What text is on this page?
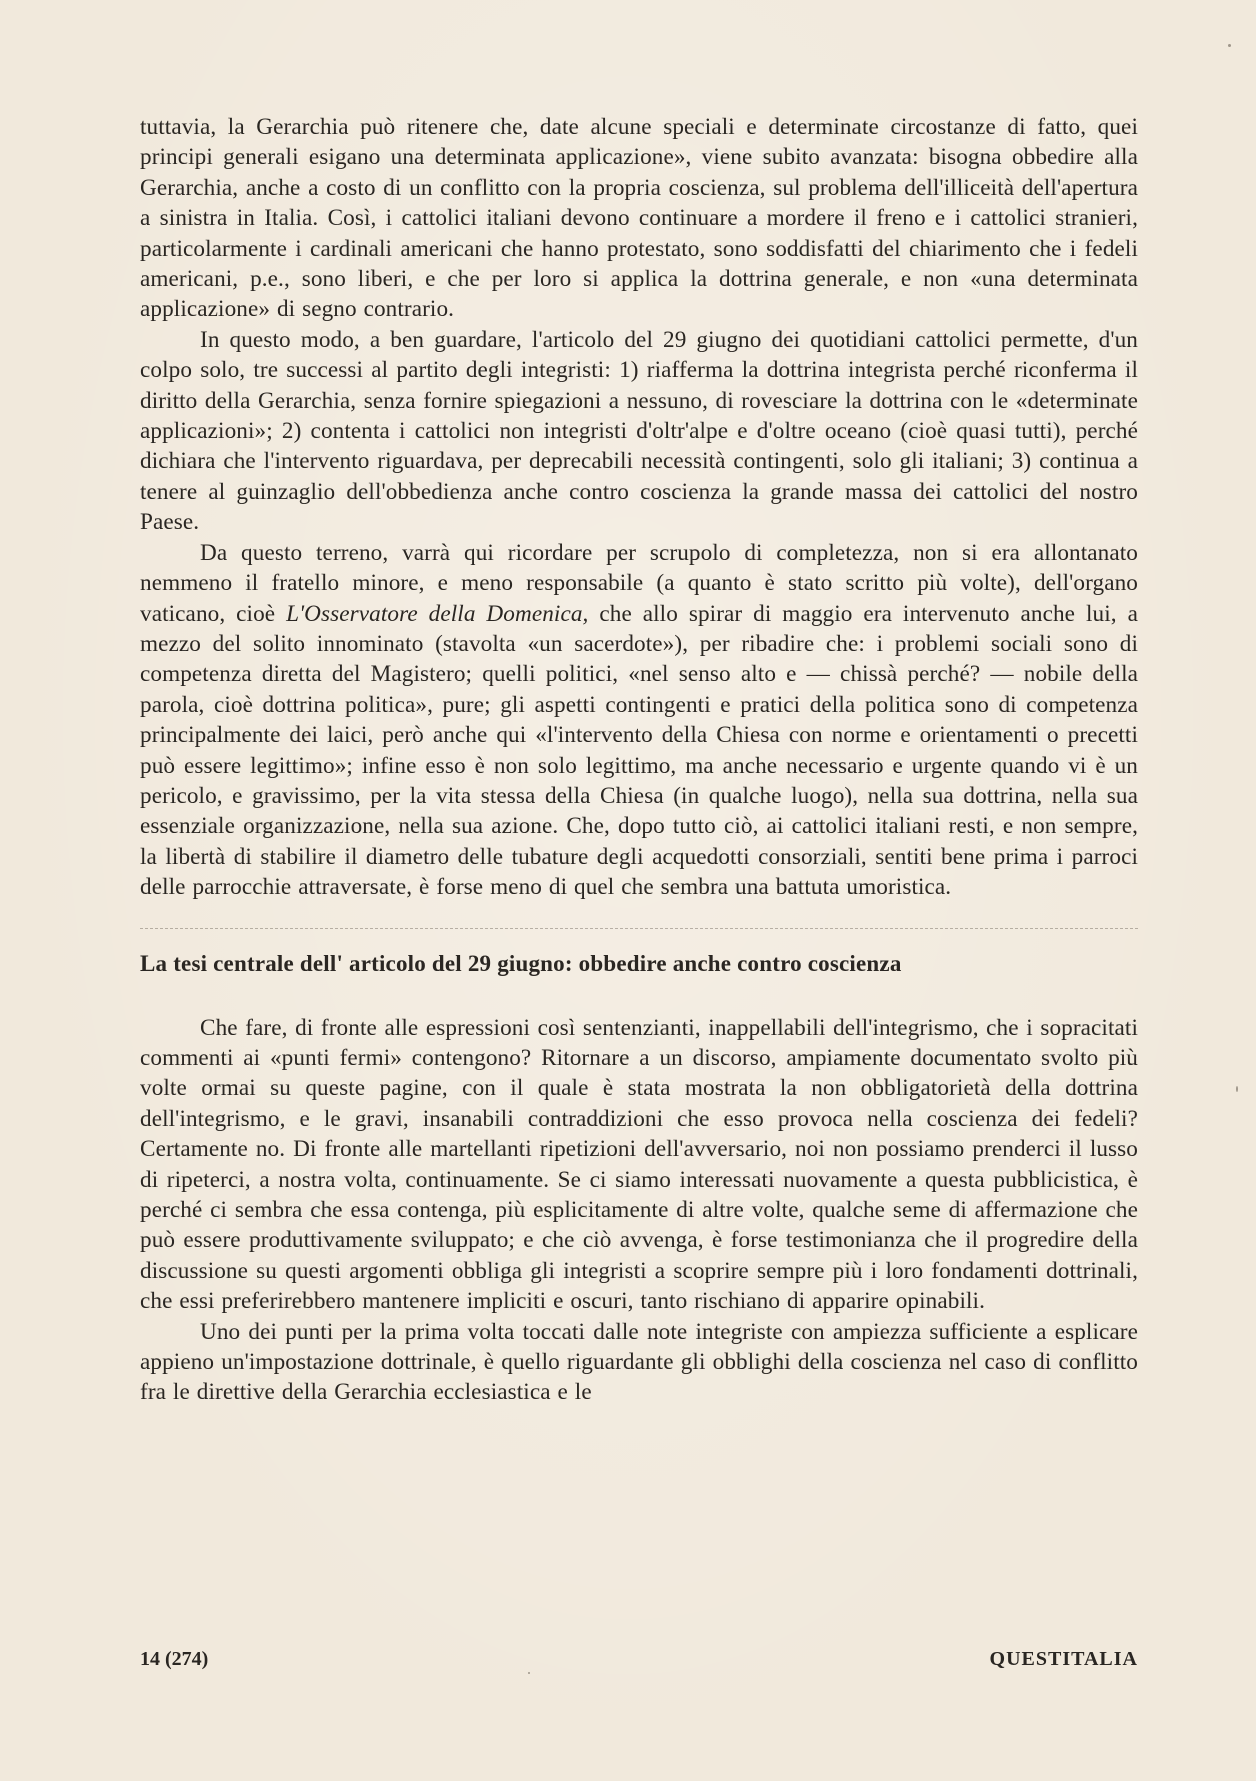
tuttavia, la Gerarchia può ritenere che, date alcune speciali e determinate circostanze di fatto, quei principi generali esigano una determinata applicazione», viene subito avanzata: bisogna obbedire alla Gerarchia, anche a costo di un conflitto con la propria coscienza, sul problema dell'illiceità dell'apertura a sinistra in Italia. Così, i cattolici italiani devono continuare a mordere il freno e i cattolici stranieri, particolarmente i cardinali americani che hanno protestato, sono soddisfatti del chiarimento che i fedeli americani, p.e., sono liberi, e che per loro si applica la dottrina generale, e non «una determinata applicazione» di segno contrario.

In questo modo, a ben guardare, l'articolo del 29 giugno dei quotidiani cattolici permette, d'un colpo solo, tre successi al partito degli integristi: 1) riafferma la dottrina integrista perché riconferma il diritto della Gerarchia, senza fornire spiegazioni a nessuno, di rovesciare la dottrina con le «determinate applicazioni»; 2) contenta i cattolici non integristi d'oltr'alpe e d'oltre oceano (cioè quasi tutti), perché dichiara che l'intervento riguardava, per deprecabili necessità contingenti, solo gli italiani; 3) continua a tenere al guinzaglio dell'obbedienza anche contro coscienza la grande massa dei cattolici del nostro Paese.

Da questo terreno, varrà qui ricordare per scrupolo di completezza, non si era allontanato nemmeno il fratello minore, e meno responsabile (a quanto è stato scritto più volte), dell'organo vaticano, cioè L'Osservatore della Domenica, che allo spirar di maggio era intervenuto anche lui, a mezzo del solito innominato (stavolta «un sacerdote»), per ribadire che: i problemi sociali sono di competenza diretta del Magistero; quelli politici, «nel senso alto e — chissà perché? — nobile della parola, cioè dottrina politica», pure; gli aspetti contingenti e pratici della politica sono di competenza principalmente dei laici, però anche qui «l'intervento della Chiesa con norme e orientamenti o precetti può essere legittimo»; infine esso è non solo legittimo, ma anche necessario e urgente quando vi è un pericolo, e gravissimo, per la vita stessa della Chiesa (in qualche luogo), nella sua dottrina, nella sua essenziale organizzazione, nella sua azione. Che, dopo tutto ciò, ai cattolici italiani resti, e non sempre, la libertà di stabilire il diametro delle tubature degli acquedotti consorziali, sentiti bene prima i parroci delle parrocchie attraversate, è forse meno di quel che sembra una battuta umoristica.

La tesi centrale dell' articolo del 29 giugno: obbedire anche contro coscienza

Che fare, di fronte alle espressioni così sentenzianti, inappellabili dell'integrismo, che i sopracitati commenti ai «punti fermi» contengono? Ritornare a un discorso, ampiamente documentato svolto più volte ormai su queste pagine, con il quale è stata mostrata la non obbligatorietà della dottrina dell'integrismo, e le gravi, insanabili contraddizioni che esso provoca nella coscienza dei fedeli? Certamente no. Di fronte alle martellanti ripetizioni dell'avversario, noi non possiamo prenderci il lusso di ripeterci, a nostra volta, continuamente. Se ci siamo interessati nuovamente a questa pubblicistica, è perché ci sembra che essa contenga, più esplicitamente di altre volte, qualche seme di affermazione che può essere produttivamente sviluppato; e che ciò avvenga, è forse testimonianza che il progredire della discussione su questi argomenti obbliga gli integristi a scoprire sempre più i loro fondamenti dottrinali, che essi preferirebbero mantenere impliciti e oscuri, tanto rischiano di apparire opinabili.

Uno dei punti per la prima volta toccati dalle note integriste con ampiezza sufficiente a esplicare appieno un'impostazione dottrinale, è quello riguardante gli obblighi della coscienza nel caso di conflitto fra le direttive della Gerarchia ecclesiastica e le

14 (274)	QUESTITALIA
